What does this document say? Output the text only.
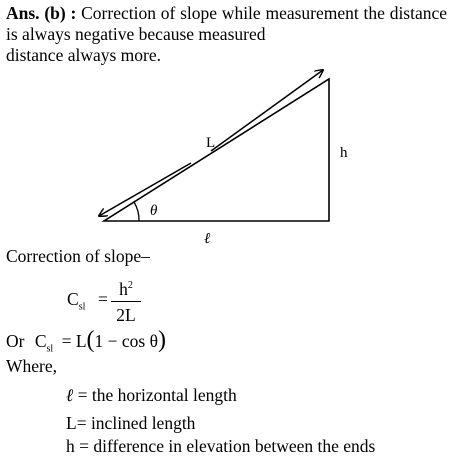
Ans. (b) : Correction of slope while measurement the distance is always negative because measured
distance always more.
L
h
θ
ℓ
Correction of slope–
$C_{sl} = h^2$
2L
Or $C_{sl} = L(1 - \cos \theta)$
Where,
ℓ = the horizontal length
L= inclined length
h = difference in elevation between the ends
